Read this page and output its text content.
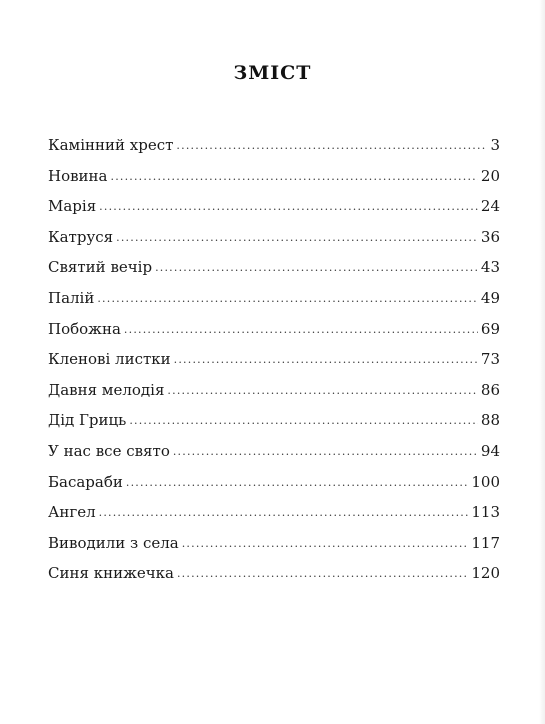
ЗМІСТ
Камінний хрест .....	3
Новина .....	20
Марія .....	24
Катруся .....	36
Святий вечір .....	43
Палій .....	49
Побожна .....	69
Кленові листки .....	73
Давня мелодія .....	86
Дід Гриць .....	88
У нас все свято .....	94
Басараби .....	100
Ангел .....	113
Виводили з села .....	117
Синя книжечка .....	120
